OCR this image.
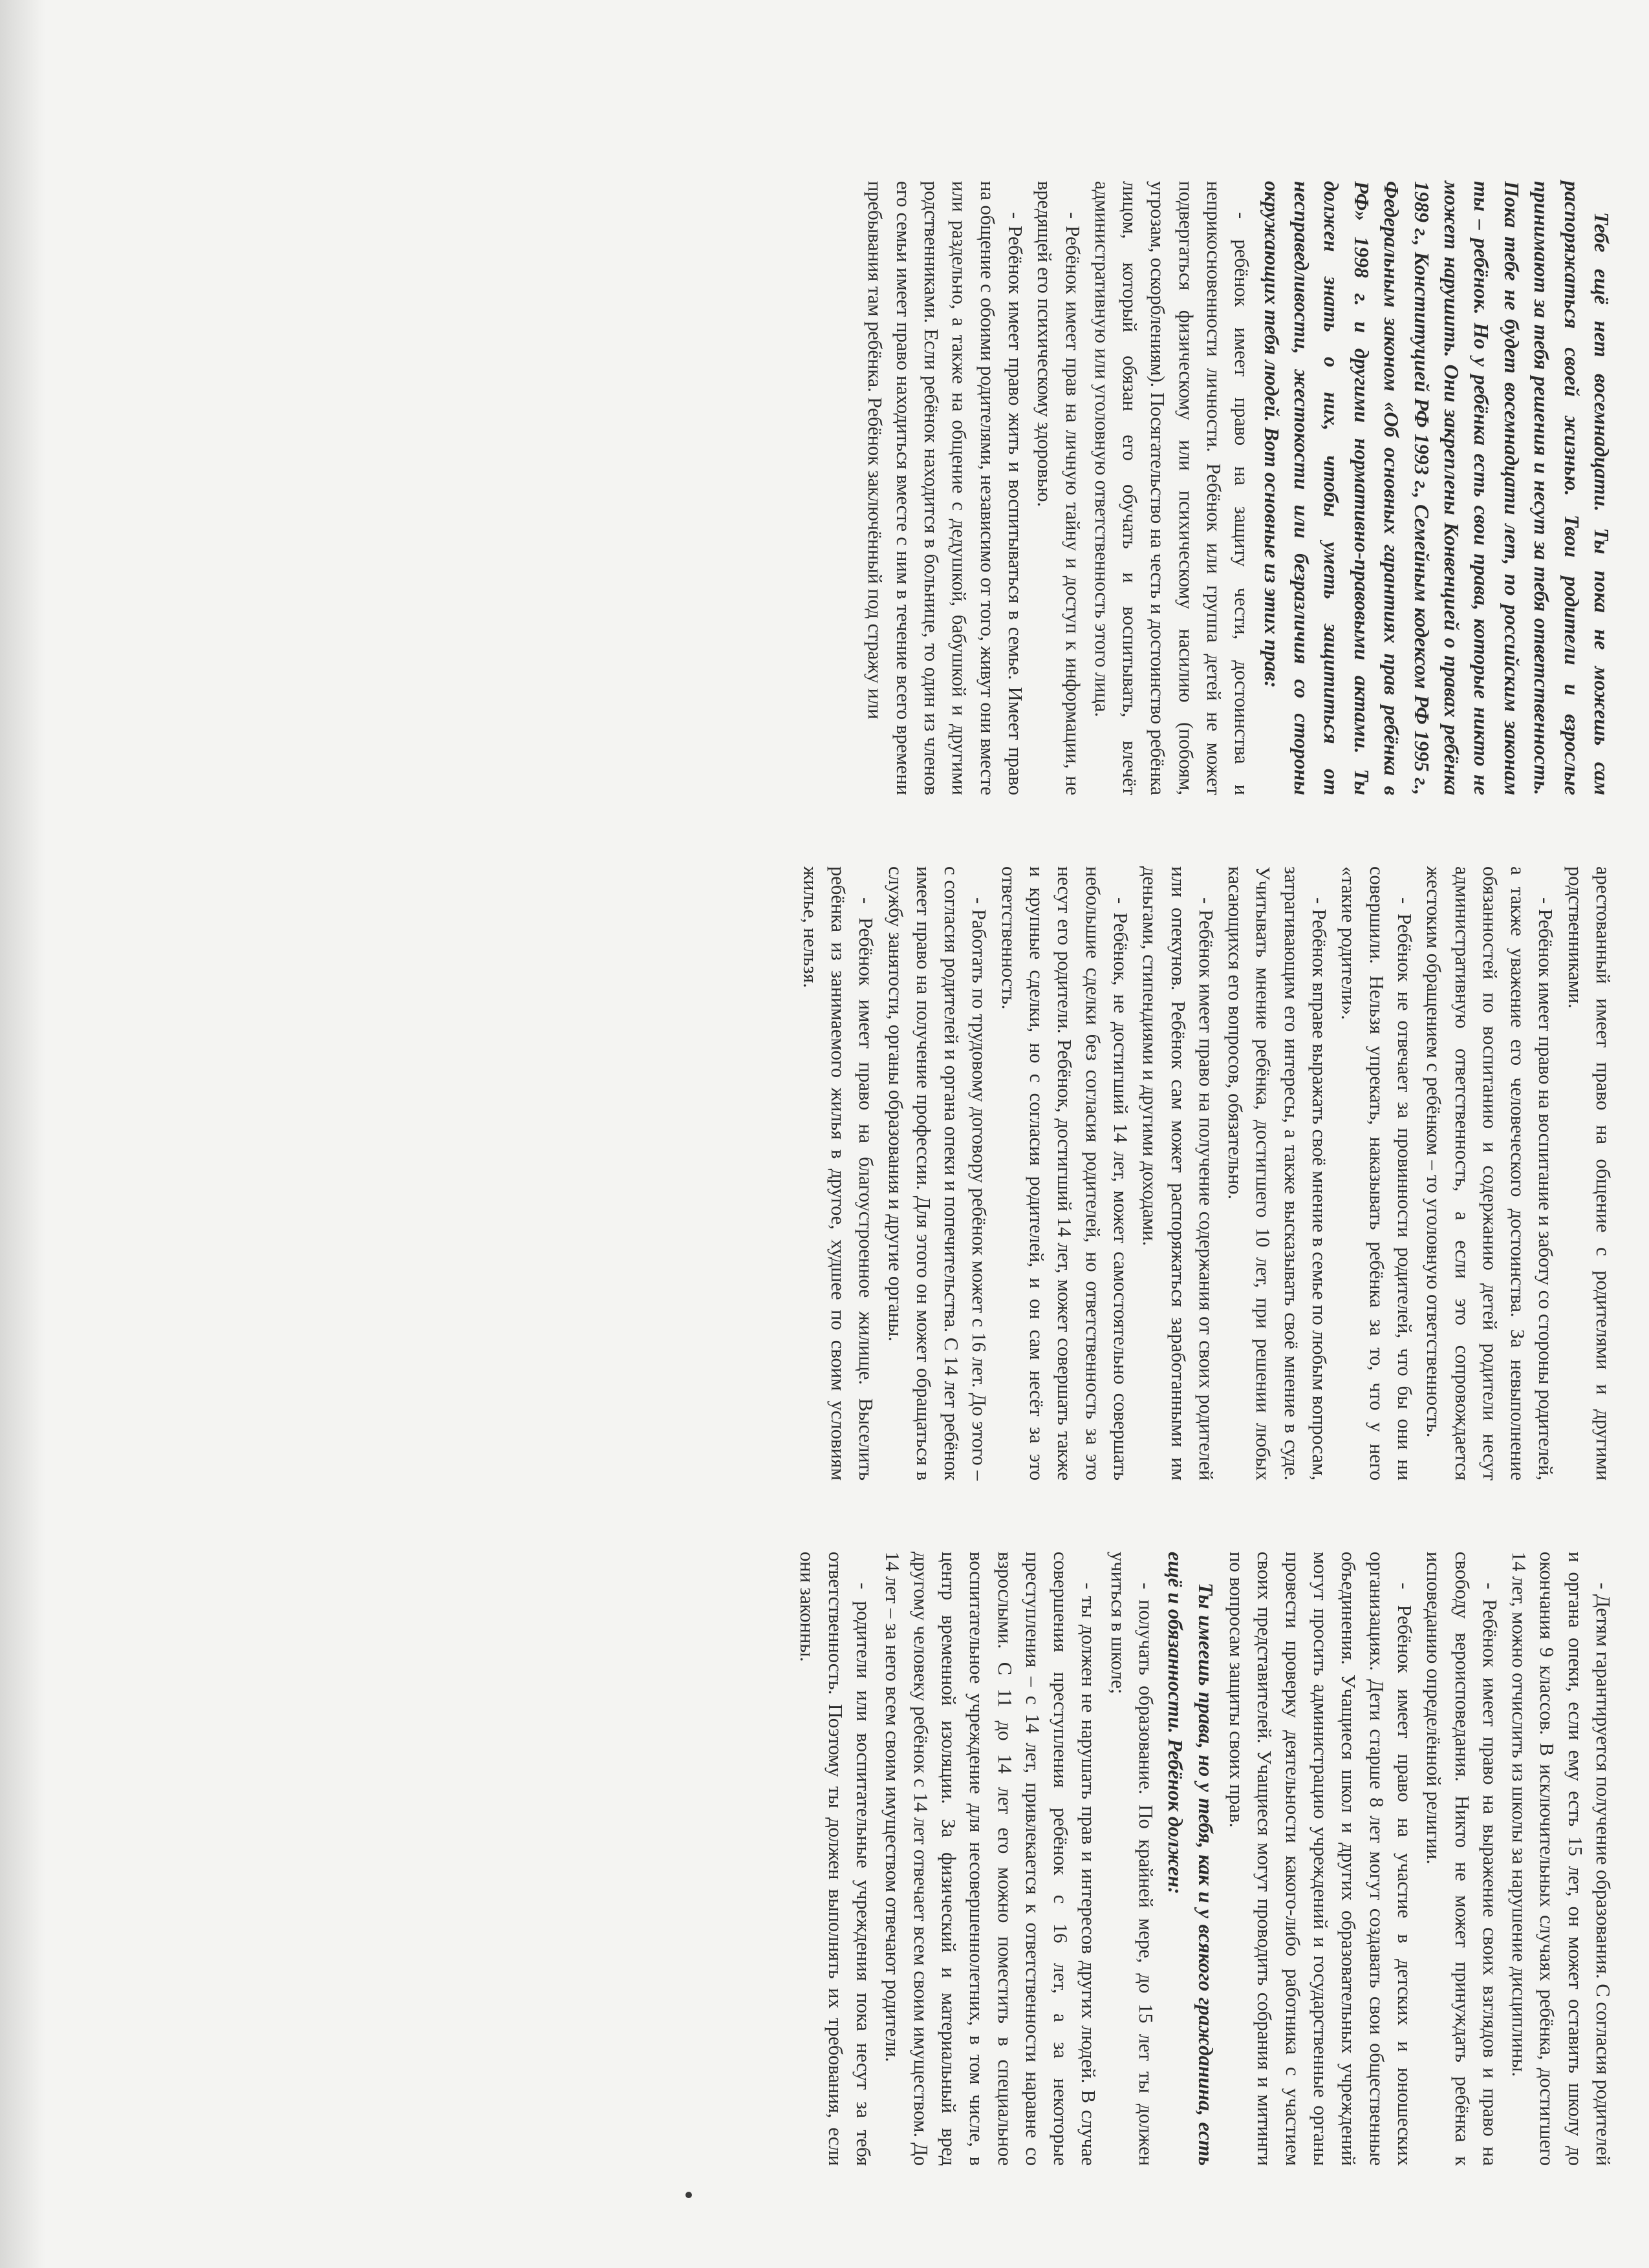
Тебе ещё нет восемнадцати. Ты пока не можешь сам распоряжаться своей жизнью. Твои родители и взрослые принимают за тебя решения и несут за тебя ответственность. Пока тебе не будет восемнадцати лет, по российским законам ты – ребёнок. Но у ребёнка есть свои права, которые никто не может нарушить. Они закреплены Конвенцией о правах ребёнка 1989 г., Конституцией РФ 1993 г., Семейным кодексом РФ 1995 г., Федеральным законом «Об основных гарантиях прав ребёнка в РФ» 1998 г. и другими нормативно-правовыми актами. Ты должен знать о них, чтобы уметь защититься от несправедливости, жестокости или безразличия со стороны окружающих тебя людей. Вот основные из этих прав:

- ребёнок имеет право на защиту чести, достоинства и неприкосновенности личности. Ребёнок или группа детей не может подвергаться физическому или психическому насилию (побоям, угрозам, оскорблениям). Посягательство на честь и достоинство ребёнка лицом, который обязан его обучать и воспитывать, влечёт административную или уголовную ответственность этого лица.

- Ребёнок имеет прав на личную тайну и доступ к информации, не вредящей его психическому здоровью.

- Ребёнок имеет право жить и воспитываться в семье. Имеет право на общение с обоими родителями, независимо от того, живут они вместе или раздельно, а также на общение с дедушкой, бабушкой и другими родственниками. Если ребёнок находится в больнице, то один из членов его семьи имеет право находиться вместе с ним в течение всего времени пребывания там ребёнка. Ребёнок заключённый под стражу или

арестованный имеет право на общение с родителями и другими родственниками.

- Ребёнок имеет право на воспитание и заботу со стороны родителей, а также уважение его человеческого достоинства. За невыполнение обязанностей по воспитанию и содержанию детей родители несут административную ответственность, а если это сопровождается жестоким обращением с ребёнком – то уголовную ответственность.

- Ребёнок не отвечает за провинности родителей, что бы они ни совершили. Нельзя упрекать, наказывать ребёнка за то, что у него «такие родители».

- Ребёнок вправе выражать своё мнение в семье по любым вопросам, затрагивающим его интересы, а также высказывать своё мнение в суде. Учитывать мнение ребёнка, достигшего 10 лет, при решении любых касающихся его вопросов, обязательно.

- Ребёнок имеет право на получение содержания от своих родителей или опекунов. Ребёнок сам может распоряжаться заработанными им деньгами, стипендиями и другими доходами.

- Ребёнок, не достигший 14 лет, может самостоятельно совершать небольшие сделки без согласия родителей, но ответственность за это несут его родители. Ребёнок, достигший 14 лет, может совершать также и крупные сделки, но с согласия родителей, и он сам несёт за это ответственность.

- Работать по трудовому договору ребёнок может с 16 лет. До этого – с согласия родителей и органа опеки и попечительства. С 14 лет ребёнок имеет право на получение профессии. Для этого он может обращаться в службу занятости, органы образования и другие органы.

- Ребёнок имеет право на благоустроенное жилище. Выселить ребёнка из занимаемого жилья в другое, худшее по своим условиям жилье, нельзя.

- Детям гарантируется получение образования. С согласия родителей и органа опеки, если ему есть 15 лет, он может оставить школу до окончания 9 классов. В исключительных случаях ребёнка, достигшего 14 лет, можно отчислить из школы за нарушение дисциплины.

- Ребёнок имеет право на выражение своих взглядов и право на свободу вероисповедания. Никто не может принуждать ребёнка к исповеданию определённой религии.

- Ребёнок имеет право на участие в детских и юношеских организациях. Дети старше 8 лет могут создавать свои общественные объединения. Учащиеся школ и других образовательных учреждений могут просить администрацию учреждений и государственные органы провести проверку деятельности какого-либо работника с участием своих представителей. Учащиеся могут проводить собрания и митинги по вопросам защиты своих прав.

Ты имеешь права, но у тебя, как и у всякого гражданина, есть ещё и обязанности. Ребёнок должен:

- получать образование. По крайней мере, до 15 лет ты должен учиться в школе;

- ты должен не нарушать прав и интересов других людей. В случае совершения преступления ребёнок с 16 лет, а за некоторые преступления – с 14 лет, привлекается к ответственности наравне со взрослыми. С 11 до 14 лет его можно поместить в специальное воспитательное учреждение для несовершеннолетних, в том числе, в центр временной изоляции. За физический и материальный вред другому человеку ребёнок с 14 лет отвечает всем своим имуществом. До 14 лет – за него всем своим имуществом отвечают родители.

- родители или воспитательные учреждения пока несут за тебя ответственность. Поэтому ты должен выполнять их требования, если они законны.
